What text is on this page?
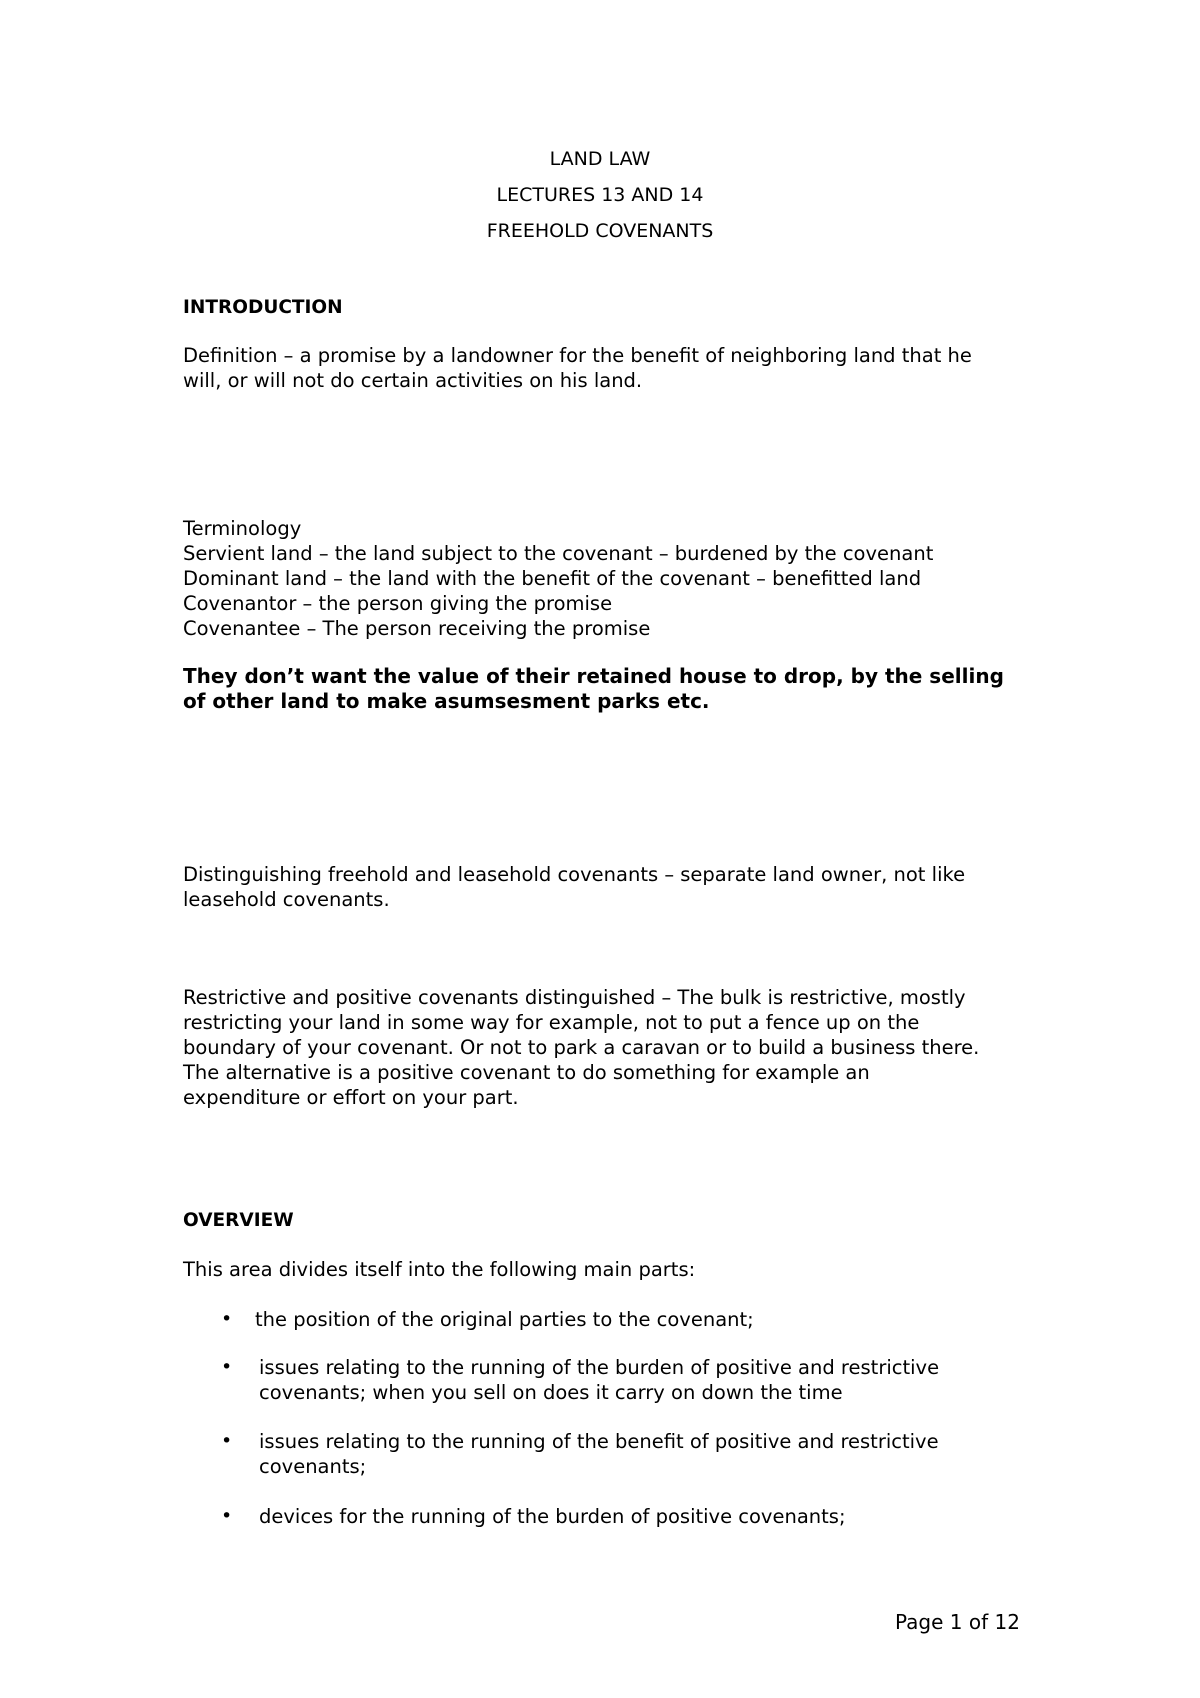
LAND LAW
LECTURES 13 AND 14
FREEHOLD COVENANTS
INTRODUCTION
Definition – a promise by a landowner for the benefit of neighboring land that he
will, or will not do certain activities on his land.
Terminology
Servient land – the land subject to the covenant – burdened by the covenant
Dominant land – the land with the benefit of the covenant – benefitted land
Covenantor – the person giving the promise
Covenantee – The person receiving the promise
They don’t want the value of their retained house to drop, by the selling
of other land to make asumsesment parks etc.
Distinguishing freehold and leasehold covenants – separate land owner, not like
leasehold covenants.
Restrictive and positive covenants distinguished – The bulk is restrictive, mostly
restricting your land in some way for example, not to put a fence up on the
boundary of your covenant. Or not to park a caravan or to build a business there.
The alternative is a positive covenant to do something for example an
expenditure or effort on your part.
OVERVIEW
This area divides itself into the following main parts:
• the position of the original parties to the covenant;
• issues relating to the running of the burden of positive and restrictive
covenants; when you sell on does it carry on down the time
• issues relating to the running of the benefit of positive and restrictive
covenants;
• devices for the running of the burden of positive covenants;
Page 1 of 12
